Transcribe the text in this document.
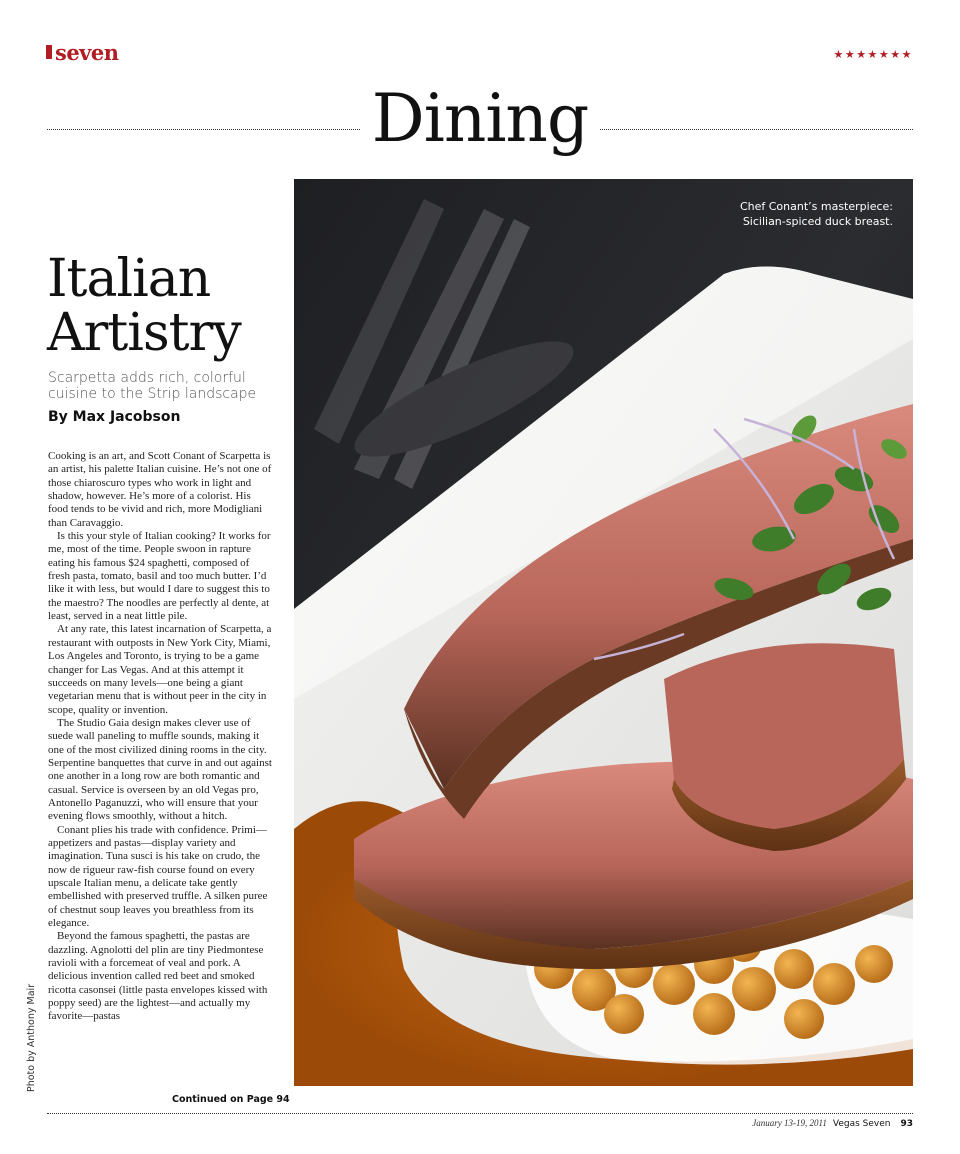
seven	★★★★★★★
Dining
Chef Conant’s masterpiece:
Sicilian-spiced duck breast.
Italian
Artistry
Scarpetta adds rich, colorful cuisine to the Strip landscape
By Max Jacobson

Cooking is an art, and Scott Conant of Scarpetta is an artist, his palette Italian cuisine. He’s not one of those chiaroscuro types who work in light and shadow, however. He’s more of a colorist. His food tends to be vivid and rich, more Modigliani than Caravaggio.

Is this your style of Italian cooking? It works for me, most of the time. People swoon in rapture eating his famous $24 spaghetti, composed of fresh pasta, tomato, basil and too much butter. I’d like it with less, but would I dare to suggest this to the maestro? The noodles are perfectly al dente, at least, served in a neat little pile.

At any rate, this latest incarnation of Scarpetta, a restaurant with outposts in New York City, Miami, Los Angeles and Toronto, is trying to be a game changer for Las Vegas. And at this attempt it succeeds on many levels—one being a giant vegetarian menu that is without peer in the city in scope, quality or invention.

The Studio Gaia design makes clever use of suede wall paneling to muffle sounds, making it one of the most civilized dining rooms in the city. Serpentine banquettes that curve in and out against one another in a long row are both romantic and casual. Service is overseen by an old Vegas pro, Antonello Paganuzzi, who will ensure that your evening flows smoothly, without a hitch.

Conant plies his trade with confidence. Primi—appetizers and pastas—display variety and imagination. Tuna susci is his take on crudo, the now de rigueur raw-fish course found on every upscale Italian menu, a delicate take gently embellished with preserved truffle. A silken puree of chestnut soup leaves you breathless from its elegance.

Beyond the famous spaghetti, the pastas are dazzling. Agnolotti del plin are tiny Piedmontese ravioli with a forcemeat of veal and pork. A delicious invention called red beet and smoked ricotta casonsei (little pasta envelopes kissed with poppy seed) are the lightest—and actually my favorite—pastas

Continued on Page 94
Photo by Anthony Mair
January 13-19, 2011 Vegas Seven 93
